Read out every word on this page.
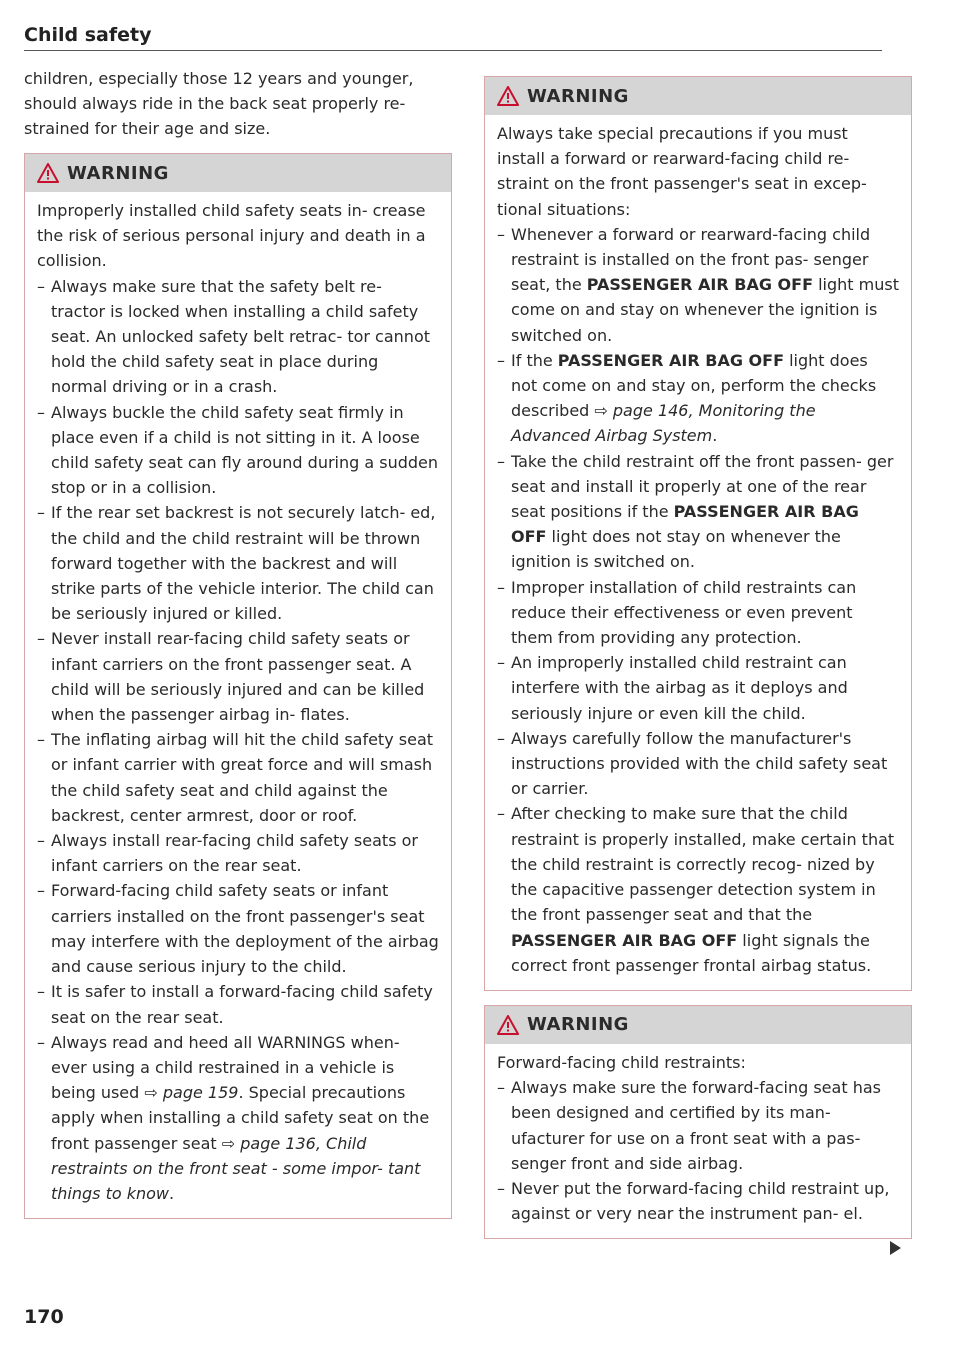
Child safety

children, especially those 12 years and younger, should always ride in the back seat properly re- strained for their age and size.

WARNING

Improperly installed child safety seats in- crease the risk of serious personal injury and death in a collision.

– Always make sure that the safety belt re- tractor is locked when installing a child safety seat. An unlocked safety belt retrac- tor cannot hold the child safety seat in place during normal driving or in a crash.

– Always buckle the child safety seat firmly in place even if a child is not sitting in it. A loose child safety seat can fly around during a sudden stop or in a collision.

– If the rear set backrest is not securely latch- ed, the child and the child restraint will be thrown forward together with the backrest and will strike parts of the vehicle interior. The child can be seriously injured or killed.

– Never install rear-facing child safety seats or infant carriers on the front passenger seat. A child will be seriously injured and can be killed when the passenger airbag in- flates.

– The inflating airbag will hit the child safety seat or infant carrier with great force and will smash the child safety seat and child against the backrest, center armrest, door or roof.

– Always install rear-facing child safety seats or infant carriers on the rear seat.

– Forward-facing child safety seats or infant carriers installed on the front passenger's seat may interfere with the deployment of the airbag and cause serious injury to the child.

– It is safer to install a forward-facing child safety seat on the rear seat.

– Always read and heed all WARNINGS when- ever using a child restrained in a vehicle is being used ⇨ page 159. Special precautions apply when installing a child safety seat on the front passenger seat ⇨ page 136, Child restraints on the front seat - some impor- tant things to know.

WARNING

Always take special precautions if you must install a forward or rearward-facing child re- straint on the front passenger's seat in excep- tional situations:

– Whenever a forward or rearward-facing child restraint is installed on the front pas- senger seat, the PASSENGER AIR BAG OFF light must come on and stay on whenever the ignition is switched on.

– If the PASSENGER AIR BAG OFF light does not come on and stay on, perform the checks described ⇨ page 146, Monitoring the Advanced Airbag System.

– Take the child restraint off the front passen- ger seat and install it properly at one of the rear seat positions if the PASSENGER AIR BAG OFF light does not stay on whenever the ignition is switched on.

– Improper installation of child restraints can reduce their effectiveness or even prevent them from providing any protection.

– An improperly installed child restraint can interfere with the airbag as it deploys and seriously injure or even kill the child.

– Always carefully follow the manufacturer's instructions provided with the child safety seat or carrier.

– After checking to make sure that the child restraint is properly installed, make certain that the child restraint is correctly recog- nized by the capacitive passenger detection system in the front passenger seat and that the PASSENGER AIR BAG OFF light signals the correct front passenger frontal airbag status.

WARNING

Forward-facing child restraints:

– Always make sure the forward-facing seat has been designed and certified by its man- ufacturer for use on a front seat with a pas- senger front and side airbag.

– Never put the forward-facing child restraint up, against or very near the instrument pan- el.

170
